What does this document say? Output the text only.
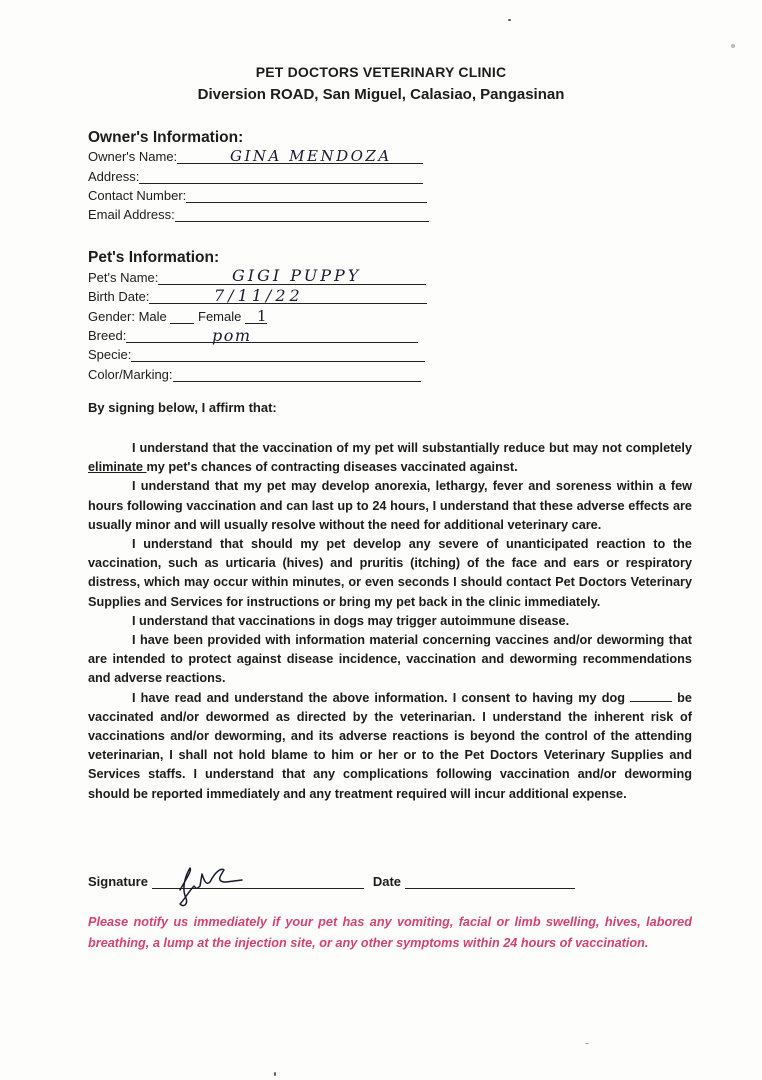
PET DOCTORS VETERINARY CLINIC
Diversion ROAD, San Miguel, Calasiao, Pangasinan
Owner's Information:
Owner's Name:	GINA MENDOZA
Address:
Contact Number:
Email Address:
Pet's Information:
Pet's Name:	GIGI PUPPY
Birth Date:	7/11/22
Gender: Male Female	1
Breed:	pom
Specie:
Color/Marking:
By signing below, I affirm that:

I understand that the vaccination of my pet will substantially reduce but may not completely eliminate my pet's chances of contracting diseases vaccinated against.

I understand that my pet may develop anorexia, lethargy, fever and soreness within a few hours following vaccination and can last up to 24 hours, I understand that these adverse effects are usually minor and will usually resolve without the need for additional veterinary care.

I understand that should my pet develop any severe of unanticipated reaction to the vaccination, such as urticaria (hives) and pruritis (itching) of the face and ears or respiratory distress, which may occur within minutes, or even seconds I should contact Pet Doctors Veterinary Supplies and Services for instructions or bring my pet back in the clinic immediately.

I understand that vaccinations in dogs may trigger autoimmune disease.

I have been provided with information material concerning vaccines and/or deworming that are intended to protect against disease incidence, vaccination and deworming recommendations and adverse reactions.

I have read and understand the above information. I consent to having my dog	be vaccinated and/or dewormed as directed by the veterinarian. I understand the inherent risk of vaccinations and/or deworming, and its adverse reactions is beyond the control of the attending veterinarian, I shall not hold blame to him or her or to the Pet Doctors Veterinary Supplies and Services staffs. I understand that any complications following vaccination and/or deworming should be reported immediately and any treatment required will incur additional expense.

Signature	Date
Please notify us immediately if your pet has any vomiting, facial or limb swelling, hives, labored breathing, a lump at the injection site, or any other symptoms within 24 hours of vaccination.
